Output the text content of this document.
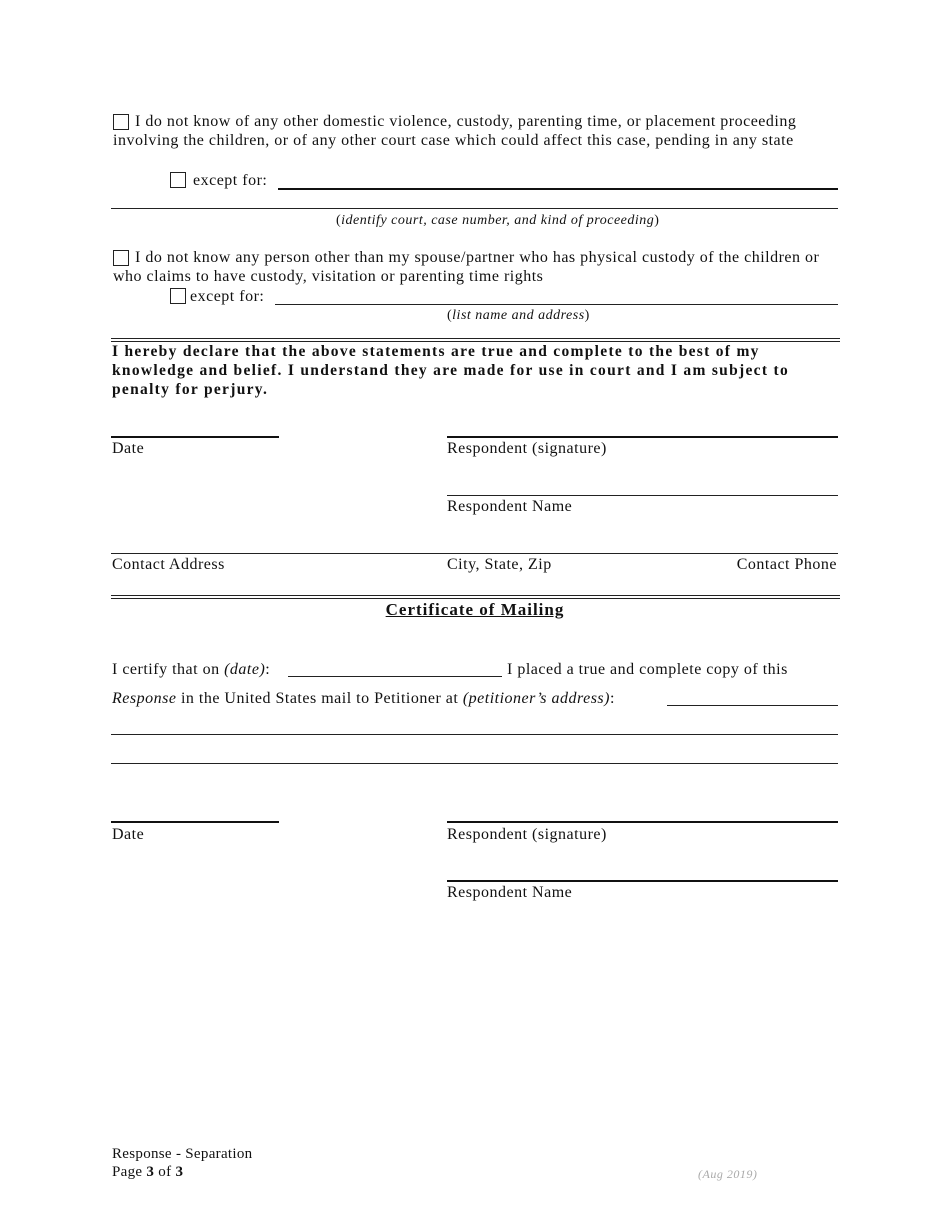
I do not know of any other domestic violence, custody, parenting time, or placement proceeding involving the children, or of any other court case which could affect this case, pending in any state
except for:
(identify court, case number, and kind of proceeding)
I do not know any person other than my spouse/partner who has physical custody of the children or who claims to have custody, visitation or parenting time rights
except for:
(list name and address)
I hereby declare that the above statements are true and complete to the best of my knowledge and belief. I understand they are made for use in court and I am subject to penalty for perjury.
Date	Respondent (signature)
Respondent Name
Contact Address	City, State, Zip	Contact Phone
Certificate of Mailing
I certify that on (date):	I placed a true and complete copy of this
Response in the United States mail to Petitioner at (petitioner’s address):
Date	Respondent (signature)
Respondent Name
Response - Separation
Page 3 of 3	(Aug 2019)
